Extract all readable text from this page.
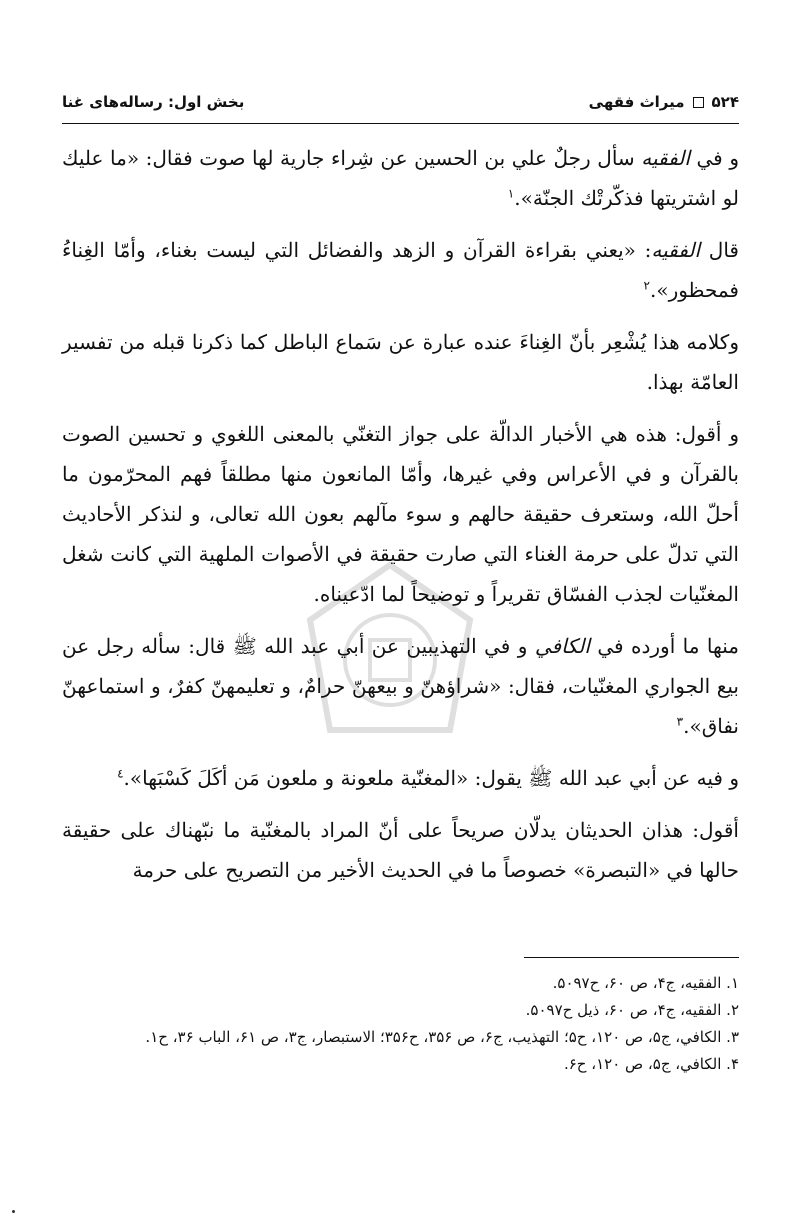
۵۲۴
میراث فقهی
بخش اول: رساله‌های غنا

و في الفقيه سأل رجلٌ علي بن الحسين عن شِراء جارية لها صوت فقال: «ما عليك لو اشتريتها فذكّرتْك الجنّة».$^١$

قال الفقيه: «يعني بقراءة القرآن و الزهد والفضائل التي ليست بغناء، وأمّا الغِناءُ فمحظور».$^٢$

وكلامه هذا يُشْعِر بأنّ الغِناءَ عنده عبارة عن سَماع الباطل كما ذكرنا قبله من تفسير العامّة بهذا.

و أقول: هذه هي الأخبار الدالّة على جواز التغنّي بالمعنى اللغوي و تحسين الصوت بالقرآن و في الأعراس وفي غيرها، وأمّا المانعون منها مطلقاً فهم المحرّمون ما أحلّ الله، وستعرف حقيقة حالهم و سوء مآلهم بعون الله تعالى، و لنذكر الأحاديث التي تدلّ على حرمة الغناء التي صارت حقيقة في الأصوات الملهية التي كانت شغل المغنّيات لجذب الفسّاق تقريراً و توضيحاً لما ادّعيناه.

منها ما أورده في الكافي و في التهذيبين عن أبي عبد الله ﷺ قال: سأله رجل عن بيع الجواري المغنّيات، فقال: «شراؤهنّ و بيعهنّ حرامٌ، و تعليمهنّ كفرٌ، و استماعهنّ نفاق».$^٣$

و فيه عن أبي عبد الله ﷺ يقول: «المغنّية ملعونة و ملعون مَن أكَلَ كَسْبَها».$^٤$

أقول: هذان الحديثان يدلّان صريحاً على أنّ المراد بالمغنّية ما نبّهناك على حقيقة حالها في «التبصرة» خصوصاً ما في الحديث الأخير من التصريح على حرمة

١. الفقيه، ج۴، ص ۶۰، ح۵۰۹۷.

٢. الفقيه، ج۴، ص ۶۰، ذيل ح۵۰۹۷.

٣. الكافي، ج۵، ص ۱۲۰، ح۵؛ التهذيب، ج۶، ص ۳۵۶، ح۳۵۶؛ الاستبصار، ج۳، ص ۶۱، الباب ۳۶، ح۱.

۴. الكافي، ج۵، ص ۱۲۰، ح۶.
